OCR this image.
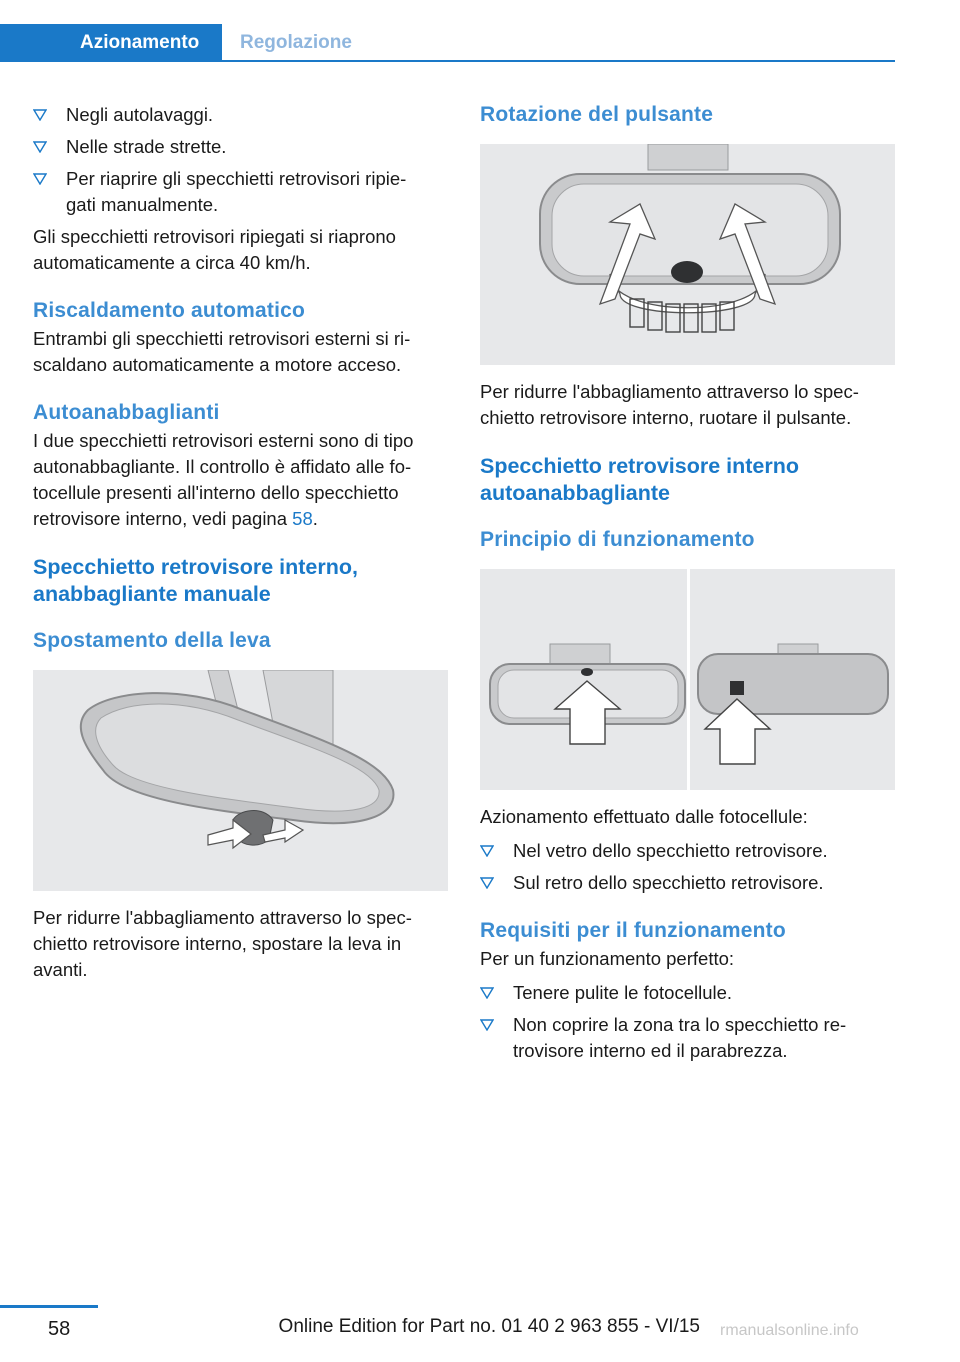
Azionamento	Regolazione
Negli autolavaggi.
Nelle strade strette.
Per riaprire gli specchietti retrovisori ripie‐
gati manualmente.

Gli specchietti retrovisori ripiegati si riaprono automaticamente a circa 40 km/h.

Riscaldamento automatico

Entrambi gli specchietti retrovisori esterni si ri‐ scaldano automaticamente a motore acceso.

Autoanabbaglianti

I due specchietti retrovisori esterni sono di tipo autonabbagliante. Il controllo è affidato alle fo‐ tocellule presenti all'interno dello specchietto retrovisore interno, vedi pagina 58.

Specchietto retrovisore interno, anabbagliante manuale
Spostamento della leva

Per ridurre l'abbagliamento attraverso lo spec‐ chietto retrovisore interno, spostare la leva in avanti.

Rotazione del pulsante

Per ridurre l'abbagliamento attraverso lo spec‐ chietto retrovisore interno, ruotare il pulsante.

Specchietto retrovisore interno autoanabbagliante
Principio di funzionamento

Azionamento effettuato dalle fotocellule:

Nel vetro dello specchietto retrovisore.
Sul retro dello specchietto retrovisore.
Requisiti per il funzionamento

Per un funzionamento perfetto:

Tenere pulite le fotocellule.
Non coprire la zona tra lo specchietto re‐
trovisore interno ed il parabrezza.
58	Online Edition for Part no. 01 40 2 963 855 - VI/15 rmanualsonline.info
